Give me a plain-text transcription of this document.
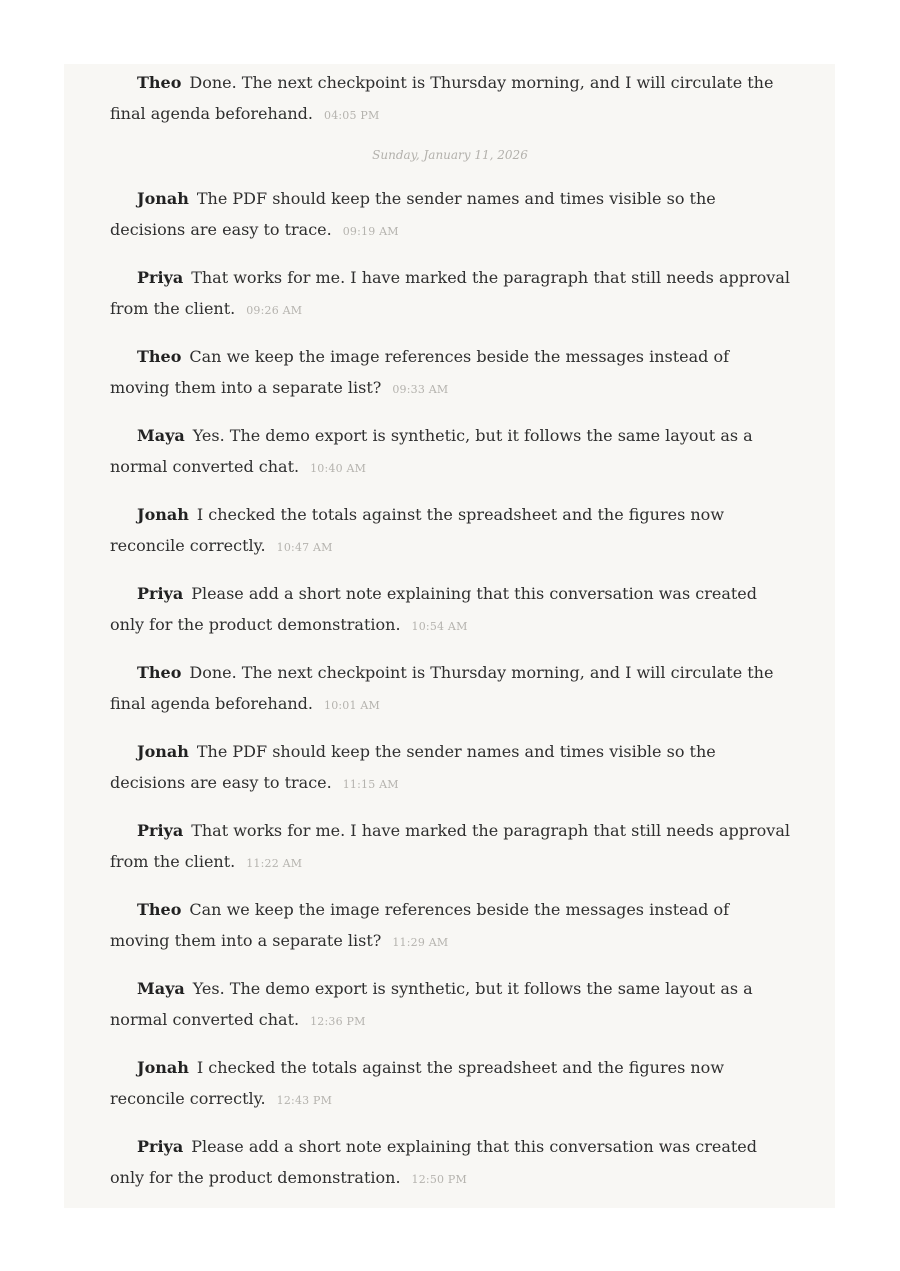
Theo Done. The next checkpoint is Thursday morning, and I will circulate the final agenda beforehand. 04:05 PM

Sunday, January 11, 2026

Jonah The PDF should keep the sender names and times visible so the decisions are easy to trace. 09:19 AM

Priya That works for me. I have marked the paragraph that still needs approval from the client. 09:26 AM

Theo Can we keep the image references beside the messages instead of moving them into a separate list? 09:33 AM

Maya Yes. The demo export is synthetic, but it follows the same layout as a normal converted chat. 10:40 AM

Jonah I checked the totals against the spreadsheet and the figures now reconcile correctly. 10:47 AM

Priya Please add a short note explaining that this conversation was created only for the product demonstration. 10:54 AM

Theo Done. The next checkpoint is Thursday morning, and I will circulate the final agenda beforehand. 10:01 AM

Jonah The PDF should keep the sender names and times visible so the decisions are easy to trace. 11:15 AM

Priya That works for me. I have marked the paragraph that still needs approval from the client. 11:22 AM

Theo Can we keep the image references beside the messages instead of moving them into a separate list? 11:29 AM

Maya Yes. The demo export is synthetic, but it follows the same layout as a normal converted chat. 12:36 PM

Jonah I checked the totals against the spreadsheet and the figures now reconcile correctly. 12:43 PM

Priya Please add a short note explaining that this conversation was created only for the product demonstration. 12:50 PM
